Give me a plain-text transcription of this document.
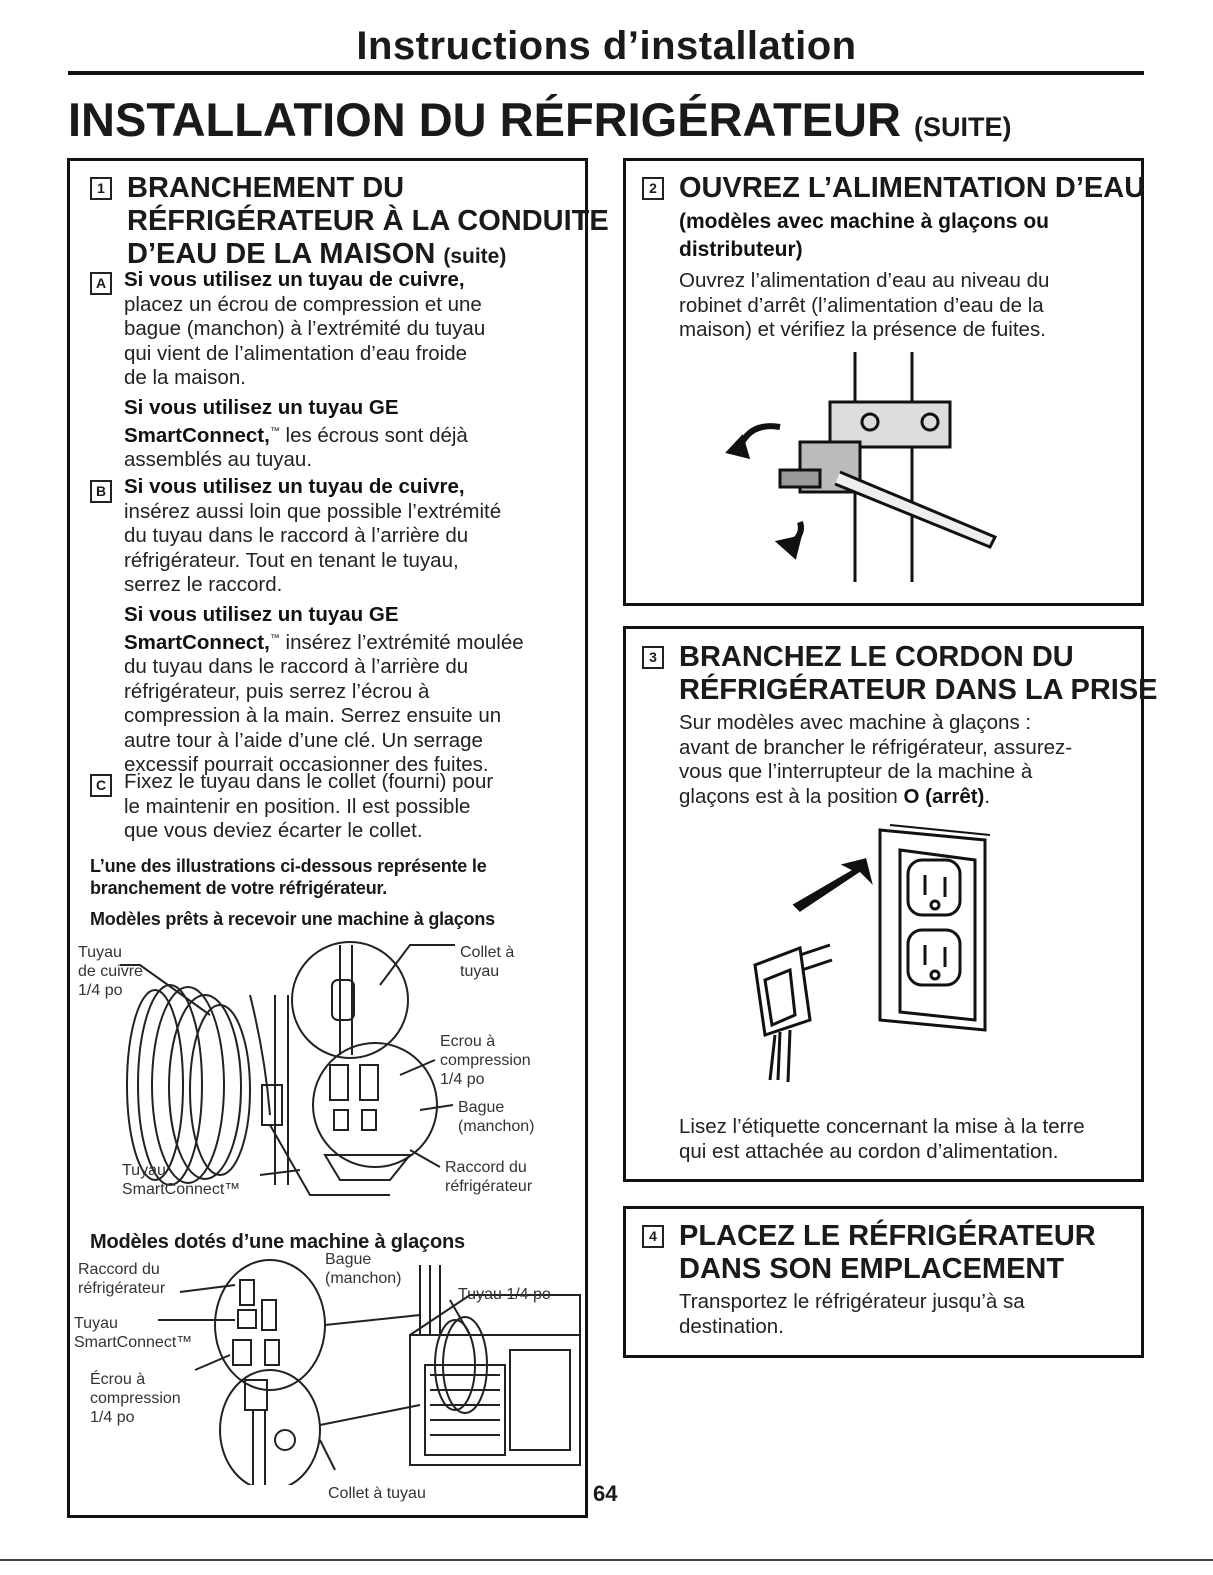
Instructions d’installation
INSTALLATION DU RÉFRIGÉRATEUR (SUITE)
1 BRANCHEMENT DU
RÉFRIGÉRATEUR À LA CONDUITE
D’EAU DE LA MAISON (suite)
A Si vous utilisez un tuyau de cuivre,
placez un écrou de compression et une
bague (manchon) à l’extrémité du tuyau
qui vient de l’alimentation d’eau froide
de la maison.
Si vous utilisez un tuyau GE
SmartConnect,™ les écrous sont déjà
assemblés au tuyau.
B Si vous utilisez un tuyau de cuivre,
insérez aussi loin que possible l’extrémité
du tuyau dans le raccord à l’arrière du
réfrigérateur. Tout en tenant le tuyau,
serrez le raccord.
Si vous utilisez un tuyau GE
SmartConnect,™ insérez l’extrémité moulée
du tuyau dans le raccord à l’arrière du
réfrigérateur, puis serrez l’écrou à
compression à la main. Serrez ensuite un
autre tour à l’aide d’une clé. Un serrage
excessif pourrait occasionner des fuites.
C Fixez le tuyau dans le collet (fourni) pour
le maintenir en position. Il est possible
que vous deviez écarter le collet.
L’une des illustrations ci-dessous représente le
branchement de votre réfrigérateur.
Modèles prêts à recevoir une machine à glaçons
Tuyau
de cuivre
1/4 po
Collet à
tuyau
Ecrou à
compression
1/4 po
Bague
(manchon)
Tuyau
SmartConnect™
Raccord du
réfrigérateur
Modèles dotés d’une machine à glaçons
Raccord du
réfrigérateur
Bague
(manchon)
Tuyau 1/4 po
Tuyau
SmartConnect™
Écrou à
compression
1/4 po
Collet à tuyau
2 OUVREZ L’ALIMENTATION D’EAU
(modèles avec machine à glaçons ou
distributeur)
Ouvrez l’alimentation d’eau au niveau du
robinet d’arrêt (l’alimentation d’eau de la
maison) et vérifiez la présence de fuites.
3 BRANCHEZ LE CORDON DU
RÉFRIGÉRATEUR DANS LA PRISE
Sur modèles avec machine à glaçons :
avant de brancher le réfrigérateur, assurez-
vous que l’interrupteur de la machine à
glaçons est à la position O (arrêt).
Lisez l’étiquette concernant la mise à la terre
qui est attachée au cordon d’alimentation.
4 PLACEZ LE RÉFRIGÉRATEUR
DANS SON EMPLACEMENT
Transportez le réfrigérateur jusqu’à sa
destination.
64
